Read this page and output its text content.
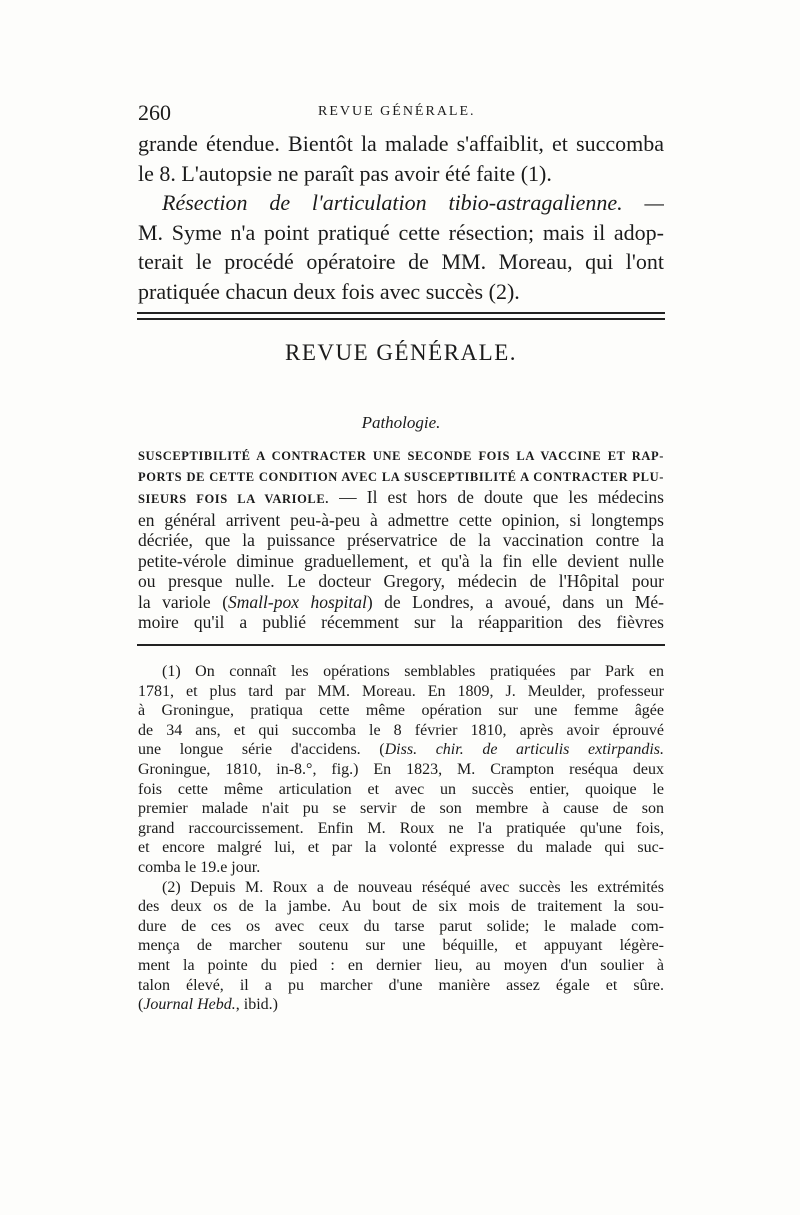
260	REVUE GÉNÉRALE.
grande étendue. Bientôt la malade s'affaiblit, et succomba
le 8. L'autopsie ne paraît pas avoir été faite (1).
Résection de l'articulation tibio-astragalienne. —
M. Syme n'a point pratiqué cette résection; mais il adop-
terait le procédé opératoire de MM. Moreau, qui l'ont
pratiquée chacun deux fois avec succès (2).
REVUE GÉNÉRALE.
Pathologie.
SUSCEPTIBILITÉ A CONTRACTER UNE SECONDE FOIS LA VACCINE ET RAP-
PORTS DE CETTE CONDITION AVEC LA SUSCEPTIBILITÉ A CONTRACTER PLU-
SIEURS FOIS LA VARIOLE. — Il est hors de doute que les médecins
en général arrivent peu-à-peu à admettre cette opinion, si longtemps
décriée, que la puissance préservatrice de la vaccination contre la
petite-vérole diminue graduellement, et qu'à la fin elle devient nulle
ou presque nulle. Le docteur Gregory, médecin de l'Hôpital pour
la variole (Small-pox hospital) de Londres, a avoué, dans un Mé-
moire qu'il a publié récemment sur la réapparition des fièvres
(1) On connaît les opérations semblables pratiquées par Park en
1781, et plus tard par MM. Moreau. En 1809, J. Meulder, professeur
à Groningue, pratiqua cette même opération sur une femme âgée
de 34 ans, et qui succomba le 8 février 1810, après avoir éprouvé
une longue série d'accidens. (Diss. chir. de articulis extirpandis.
Groningue, 1810, in-8.°, fig.) En 1823, M. Crampton reséqua deux
fois cette même articulation et avec un succès entier, quoique le
premier malade n'ait pu se servir de son membre à cause de son
grand raccourcissement. Enfin M. Roux ne l'a pratiquée qu'une fois,
et encore malgré lui, et par la volonté expresse du malade qui suc-
comba le 19.e jour.
(2) Depuis M. Roux a de nouveau réséqué avec succès les extrémités
des deux os de la jambe. Au bout de six mois de traitement la sou-
dure de ces os avec ceux du tarse parut solide; le malade com-
mença de marcher soutenu sur une béquille, et appuyant légère-
ment la pointe du pied : en dernier lieu, au moyen d'un soulier à
talon élevé, il a pu marcher d'une manière assez égale et sûre.
(Journal Hebd., ibid.)
